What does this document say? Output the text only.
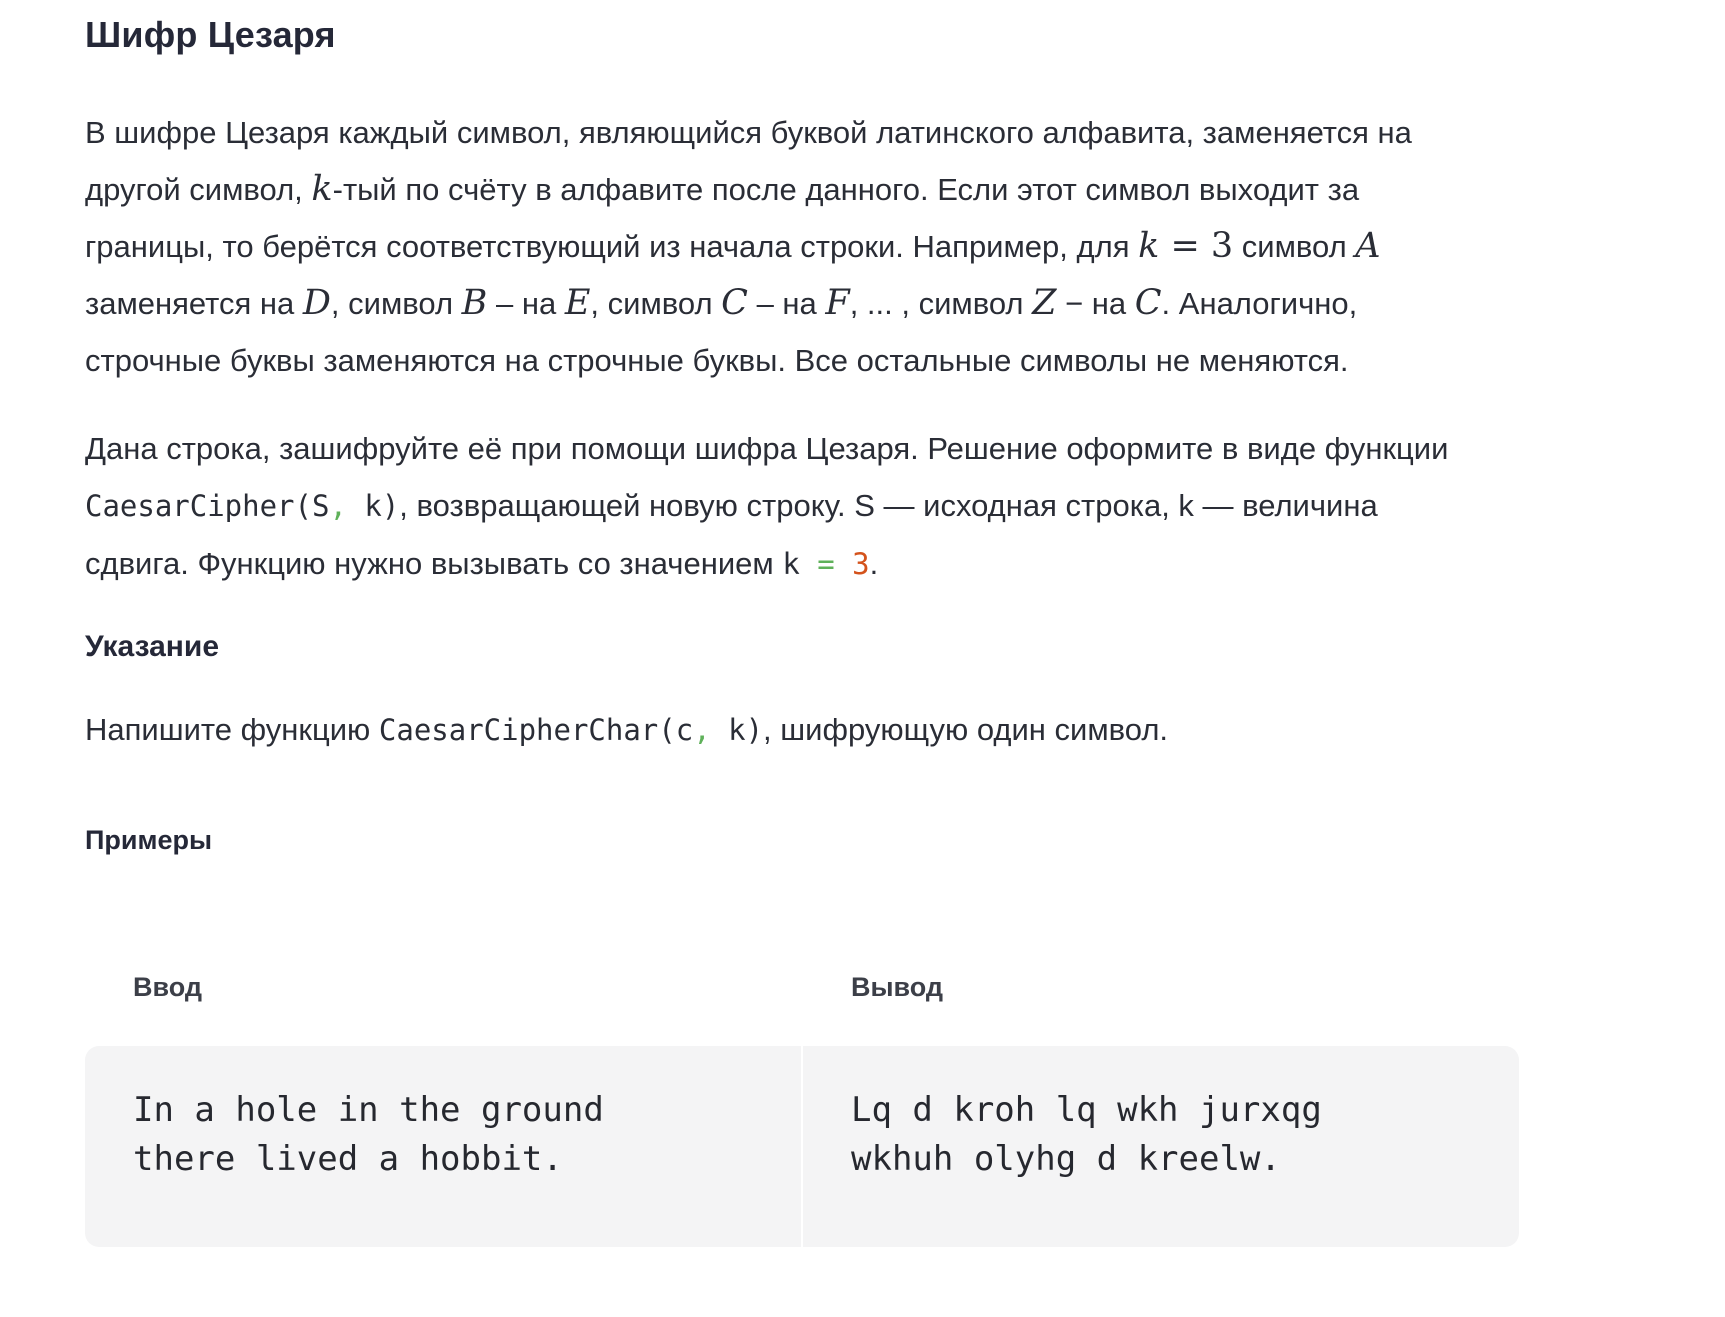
Шифр Цезаря

В шифре Цезаря каждый символ, являющийся буквой латинского алфавита, заменяется на
другой символ, k-тый по счёту в алфавите после данного. Если этот символ выходит за
границы, то берётся соответствующий из начала строки. Например, для k = 3 символ A
заменяется на D, символ B – на E, символ C – на F, ... , символ Z − на C. Аналогично,
строчные буквы заменяются на строчные буквы. Все остальные символы не меняются.

Дана строка, зашифруйте её при помощи шифра Цезаря. Решение оформите в виде функции
CaesarCipher(S, k), возвращающей новую строку. S — исходная строка, k — величина
сдвига. Функцию нужно вызывать со значением k = 3.

Указание

Напишите функцию CaesarCipherChar(c, k), шифрующую один символ.

Примеры
Ввод	Вывод
In a hole in the ground
there lived a hobbit.
Lq d kroh lq wkh jurxqg
wkhuh olyhg d kreelw.
